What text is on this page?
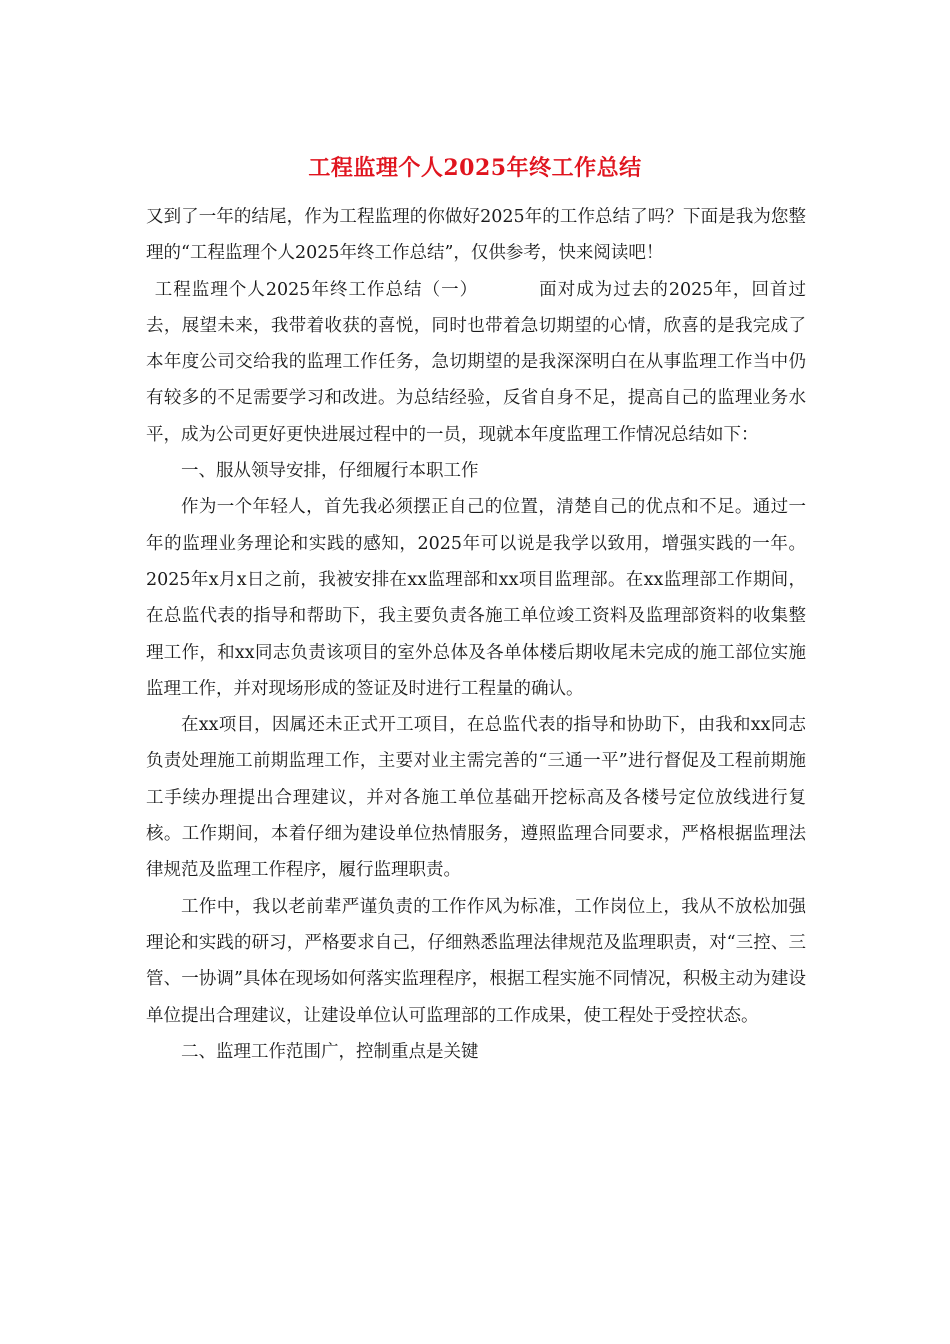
工程监理个人2025年终工作总结

又到了一年的结尾，作为工程监理的你做好2025年的工作总结了吗？下面是我为您整理的“工程监理个人2025年终工作总结”，仅供参考，快来阅读吧！

工程监理个人2025年终工作总结（一）	面对成为过去的2025年，回首过去，展望未来，我带着收获的喜悦，同时也带着急切期望的心情，欣喜的是我完成了本年度公司交给我的监理工作任务，急切期望的是我深深明白在从事监理工作当中仍有较多的不足需要学习和改进。为总结经验，反省自身不足，提高自己的监理业务水平，成为公司更好更快进展过程中的一员，现就本年度监理工作情况总结如下：

一、服从领导安排，仔细履行本职工作

作为一个年轻人，首先我必须摆正自己的位置，清楚自己的优点和不足。通过一年的监理业务理论和实践的感知，2025年可以说是我学以致用，增强实践的一年。2025年x月x日之前，我被安排在xx监理部和xx项目监理部。在xx监理部工作期间，在总监代表的指导和帮助下，我主要负责各施工单位竣工资料及监理部资料的收集整理工作，和xx同志负责该项目的室外总体及各单体楼后期收尾未完成的施工部位实施监理工作，并对现场形成的签证及时进行工程量的确认。

在xx项目，因属还未正式开工项目，在总监代表的指导和协助下，由我和xx同志负责处理施工前期监理工作，主要对业主需完善的“三通一平”进行督促及工程前期施工手续办理提出合理建议，并对各施工单位基础开挖标高及各楼号定位放线进行复核。工作期间，本着仔细为建设单位热情服务，遵照监理合同要求，严格根据监理法律规范及监理工作程序，履行监理职责。

工作中，我以老前辈严谨负责的工作作风为标准，工作岗位上，我从不放松加强理论和实践的研习，严格要求自己，仔细熟悉监理法律规范及监理职责，对“三控、三管、一协调”具体在现场如何落实监理程序，根据工程实施不同情况，积极主动为建设单位提出合理建议，让建设单位认可监理部的工作成果，使工程处于受控状态。

二、监理工作范围广，控制重点是关键
